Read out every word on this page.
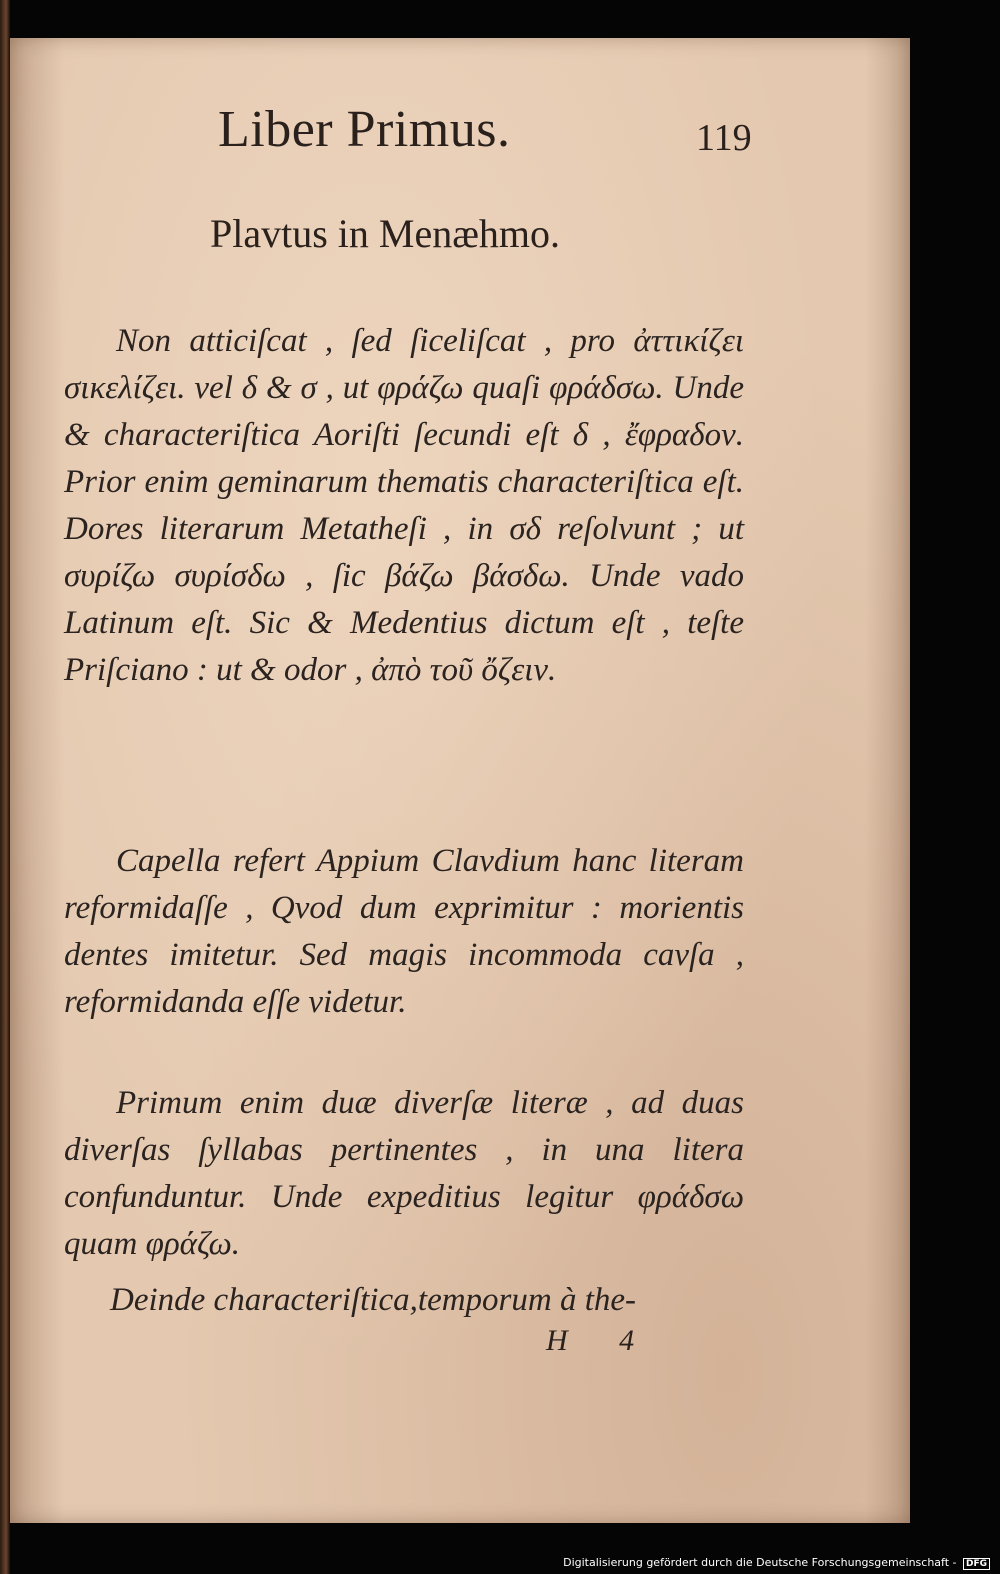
Liber Primus.	119
Plavtus in Menæhmo.

Non atticiſcat , ſed ſiceliſcat , pro ἀττικίζει σικελίζει. vel δ & σ , ut φράζω quaſi φράδσω. Unde & characteriſtica Aoriſti ſecundi eſt δ , ἔφραδον. Prior enim geminarum thematis characteriſtica eſt. Dores literarum Metatheſi , in σδ reſolvunt ; ut συρίζω συρίσδω , ſic βάζω βάσδω. Unde vado Latinum eſt. Sic & Medentius dictum eſt , teſte Priſciano : ut & odor , ἀπὸ τοῦ ὄζειν.

Capella refert Appium Clavdium hanc literam reformidaſſe , Qvod dum exprimitur : morientis dentes imitetur. Sed magis incommoda cavſa , reformidanda eſſe videtur.

Primum enim duæ diverſæ literæ , ad duas diverſas ſyllabas pertinentes , in una litera confunduntur. Unde expeditius legitur φράδσω quam φράζω.

Deinde characteriſtica,temporum à the-

H 4
Digitalisierung gefördert durch die Deutsche Forschungsgemeinschaft - DFG
